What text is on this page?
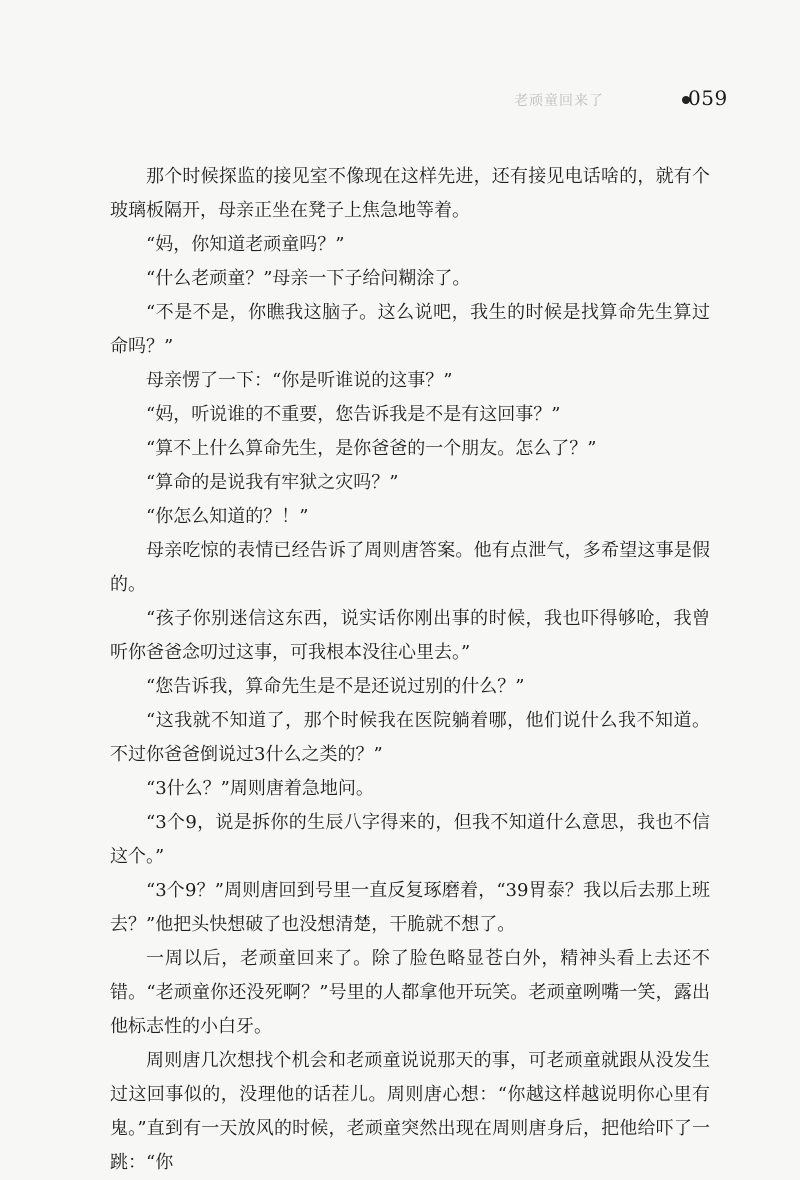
老顽童回来了	059

那个时候探监的接见室不像现在这样先进，还有接见电话啥的，就有个玻璃板隔开，母亲正坐在凳子上焦急地等着。

“妈，你知道老顽童吗？”

“什么老顽童？”母亲一下子给问糊涂了。

“不是不是，你瞧我这脑子。这么说吧，我生的时候是找算命先生算过命吗？”

母亲愣了一下：“你是听谁说的这事？”

“妈，听说谁的不重要，您告诉我是不是有这回事？”

“算不上什么算命先生，是你爸爸的一个朋友。怎么了？”

“算命的是说我有牢狱之灾吗？”

“你怎么知道的？！”

母亲吃惊的表情已经告诉了周则唐答案。他有点泄气，多希望这事是假的。

“孩子你别迷信这东西，说实话你刚出事的时候，我也吓得够呛，我曾听你爸爸念叨过这事，可我根本没往心里去。”

“您告诉我，算命先生是不是还说过别的什么？”

“这我就不知道了，那个时候我在医院躺着哪，他们说什么我不知道。不过你爸爸倒说过3什么之类的？”

“3什么？”周则唐着急地问。

“3个9，说是拆你的生辰八字得来的，但我不知道什么意思，我也不信这个。”

“3个9？”周则唐回到号里一直反复琢磨着，“39胃泰？我以后去那上班去？”他把头快想破了也没想清楚，干脆就不想了。

一周以后，老顽童回来了。除了脸色略显苍白外，精神头看上去还不错。“老顽童你还没死啊？”号里的人都拿他开玩笑。老顽童咧嘴一笑，露出他标志性的小白牙。

周则唐几次想找个机会和老顽童说说那天的事，可老顽童就跟从没发生过这回事似的，没理他的话茬儿。周则唐心想：“你越这样越说明你心里有鬼。”直到有一天放风的时候，老顽童突然出现在周则唐身后，把他给吓了一跳：“你
